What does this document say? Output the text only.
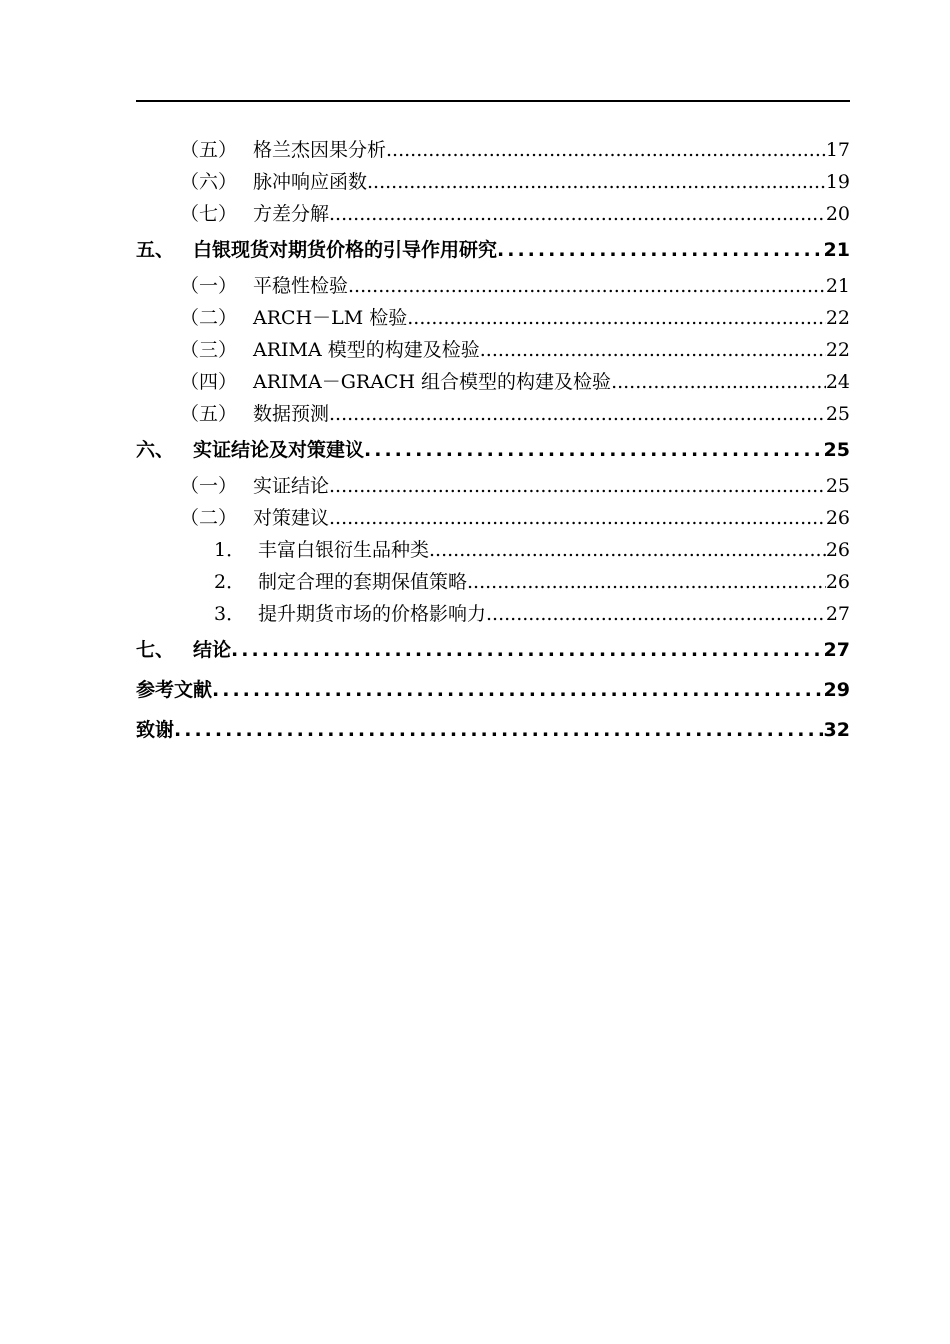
（五） 格兰杰因果分析 .....	17
（六） 脉冲响应函数 .....	19
（七） 方差分解 .....	20
五、 白银现货对期货价格的引导作用研究 .....	21
（一） 平稳性检验 .....	21
（二） ARCH－LM 检验 .....	22
（三） ARIMA 模型的构建及检验 .....	22
（四） ARIMA－GRACH 组合模型的构建及检验 .....	24
（五） 数据预测 .....	25
六、 实证结论及对策建议 .....	25
（一） 实证结论 .....	25
（二） 对策建议 .....	26
1． 丰富白银衍生品种类 .....	26
2． 制定合理的套期保值策略 .....	26
3． 提升期货市场的价格影响力 .....	27
七、 结论 .....	27
参考文献 .....	29
致谢 .....	32
